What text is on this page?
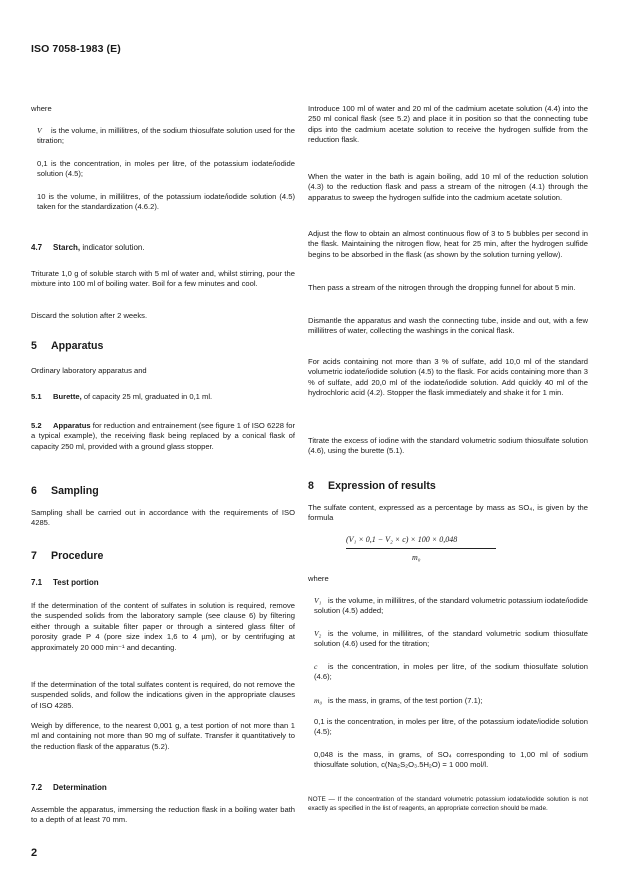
ISO 7058-1983 (E)

where

V is the volume, in millilitres, of the sodium thiosulfate solution used for the titration;
0,1 is the concentration, in moles per litre, of the potassium iodate/iodide solution (4.5);
10 is the volume, in millilitres, of the potassium iodate/iodide solution (4.5) taken for the standardization (4.6.2).
4.7 Starch, indicator solution.

Triturate 1,0 g of soluble starch with 5 ml of water and, whilst stirring, pour the mixture into 100 ml of boiling water. Boil for a few minutes and cool.

Discard the solution after 2 weeks.

5 Apparatus

Ordinary laboratory apparatus and

5.1 Burette, of capacity 25 ml, graduated in 0,1 ml.

5.2 Apparatus for reduction and entrainement (see figure 1 of ISO 6228 for a typical example), the receiving flask being replaced by a conical flask of capacity 250 ml, provided with a ground glass stopper.

6 Sampling

Sampling shall be carried out in accordance with the requirements of ISO 4285.

7 Procedure
7.1 Test portion

If the determination of the content of sulfates in solution is required, remove the suspended solids from the laboratory sample (see clause 6) by filtering either through a suitable filter paper or through a sintered glass filter of porosity grade P 4 (pore size index 1,6 to 4 µm), or by centrifuging at approximately 20 000 min⁻¹ and decanting.

If the determination of the total sulfates content is required, do not remove the suspended solids, and follow the indications given in the appropriate clauses of ISO 4285.

Weigh by difference, to the nearest 0,001 g, a test portion of not more than 1 ml and containing not more than 90 mg of sulfate. Transfer it quantitatively to the reduction flask of the apparatus (5.2).

7.2 Determination

Assemble the apparatus, immersing the reduction flask in a boiling water bath to a depth of at least 70 mm.

Introduce 100 ml of water and 20 ml of the cadmium acetate solution (4.4) into the 250 ml conical flask (see 5.2) and place it in position so that the connecting tube dips into the cadmium acetate solution to receive the hydrogen sulfide from the reduction flask.

When the water in the bath is again boiling, add 10 ml of the reduction solution (4.3) to the reduction flask and pass a stream of the nitrogen (4.1) through the apparatus to sweep the hydrogen sulfide into the cadmium acetate solution.

Adjust the flow to obtain an almost continuous flow of 3 to 5 bubbles per second in the flask. Maintaining the nitrogen flow, heat for 25 min, after the hydrogen sulfide begins to be absorbed in the flask (as shown by the solution turning yellow).

Then pass a stream of the nitrogen through the dropping funnel for about 5 min.

Dismantle the apparatus and wash the connecting tube, inside and out, with a few millilitres of water, collecting the washings in the conical flask.

For acids containing not more than 3 % of sulfate, add 10,0 ml of the standard volumetric iodate/iodide solution (4.5) to the flask. For acids containing more than 3 % of sulfate, add 20,0 ml of the iodate/iodide solution. Add quickly 40 ml of the hydrochloric acid (4.2). Stopper the flask immediately and shake it for 1 min.

Titrate the excess of iodine with the standard volumetric sodium thiosulfate solution (4.6), using the burette (5.1).

8 Expression of results

The sulfate content, expressed as a percentage by mass as SO₄, is given by the formula

(V₁ × 0,1 − V₂ × c) × 100 × 0,048
m₀

where

V₁ is the volume, in millilitres, of the standard volumetric potassium iodate/iodide solution (4.5) added;
V₂ is the volume, in millilitres, of the standard volumetric sodium thiosulfate solution (4.6) used for the titration;
c is the concentration, in moles per litre, of the sodium thiosulfate solution (4.6);
m₀ is the mass, in grams, of the test portion (7.1);
0,1 is the concentration, in moles per litre, of the potassium iodate/iodide solution (4.5);
0,048 is the mass, in grams, of SO₄ corresponding to 1,00 ml of sodium thiosulfate solution, c(Na₂S₂O₃.5H₂O) = 1 000 mol/l.

NOTE — If the concentration of the standard volumetric potassium iodate/iodide solution is not exactly as specified in the list of reagents, an appropriate correction should be made.

2
